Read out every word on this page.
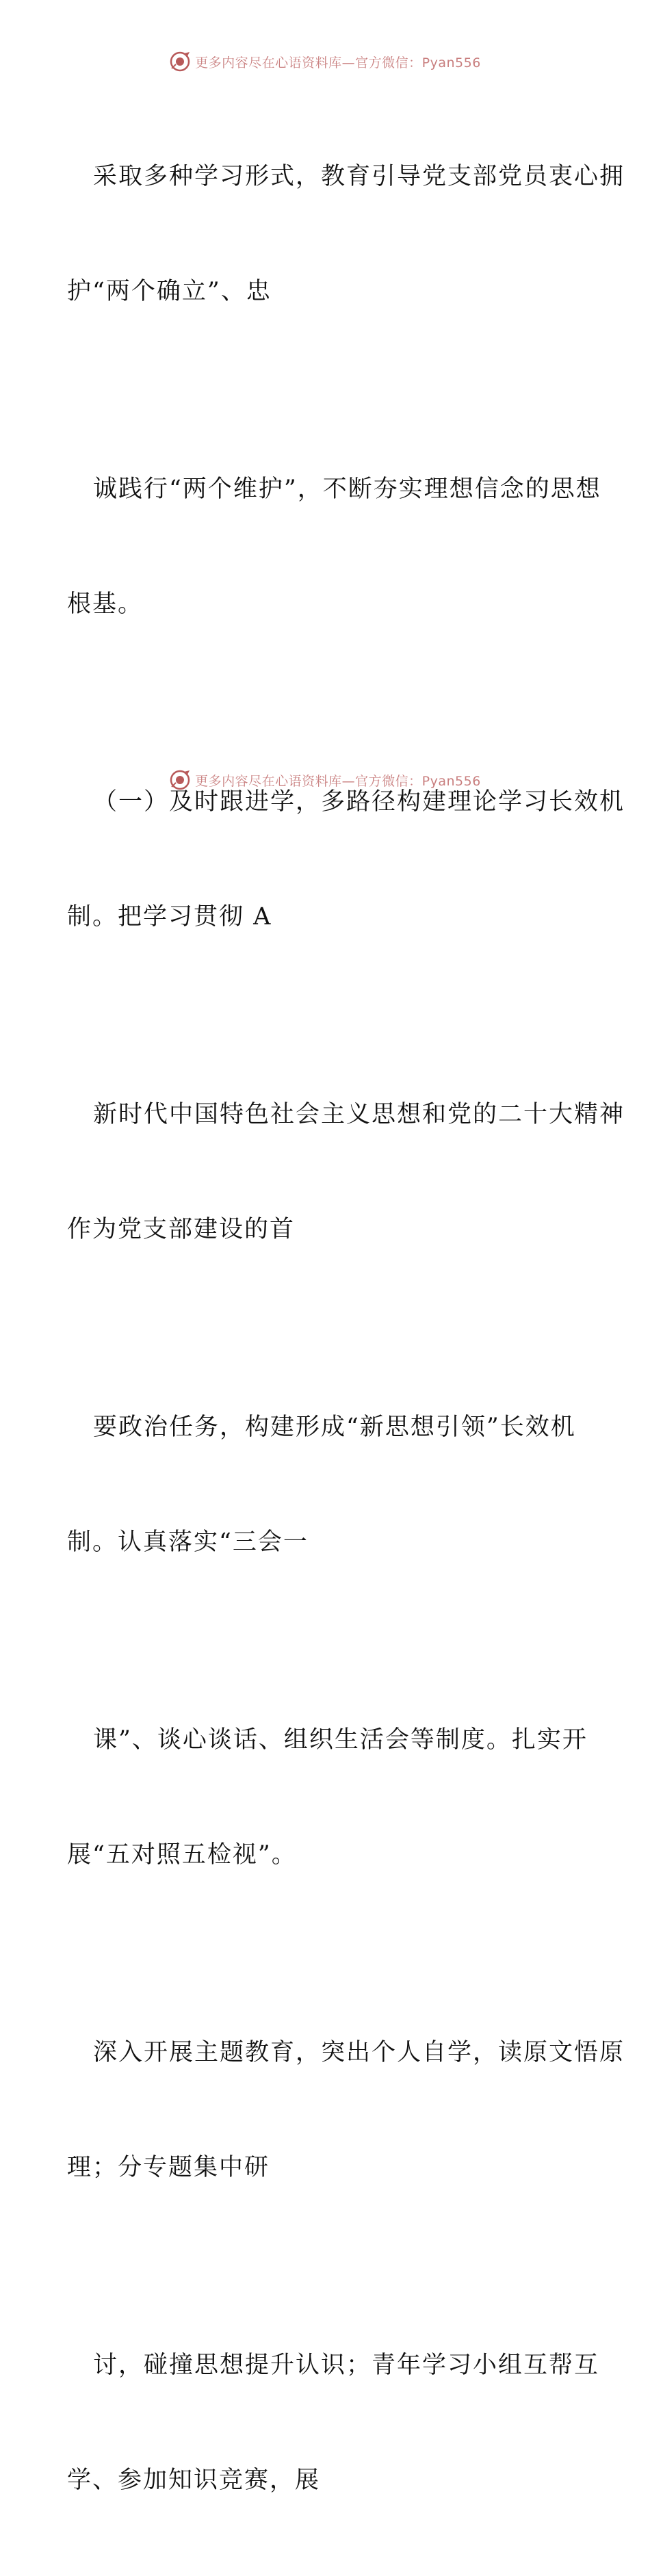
更多内容尽在心语资料库—官方微信：Pyan556

采取多种学习形式，教育引导党支部党员衷心拥

护“两个确立”、忠

诚践行“两个维护”，不断夯实理想信念的思想

根基。

（一）及时跟进学，多路径构建理论学习长效机

制。把学习贯彻 A

新时代中国特色社会主义思想和党的二十大精神

作为党支部建设的首

要政治任务，构建形成“新思想引领”长效机

制。认真落实“三会一

课”、谈心谈话、组织生活会等制度。扎实开

展“五对照五检视”。

深入开展主题教育，突出个人自学，读原文悟原

理；分专题集中研

讨，碰撞思想提升认识；青年学习小组互帮互

学、参加知识竞赛，展

更多内容尽在心语资料库—官方微信：Pyan556
